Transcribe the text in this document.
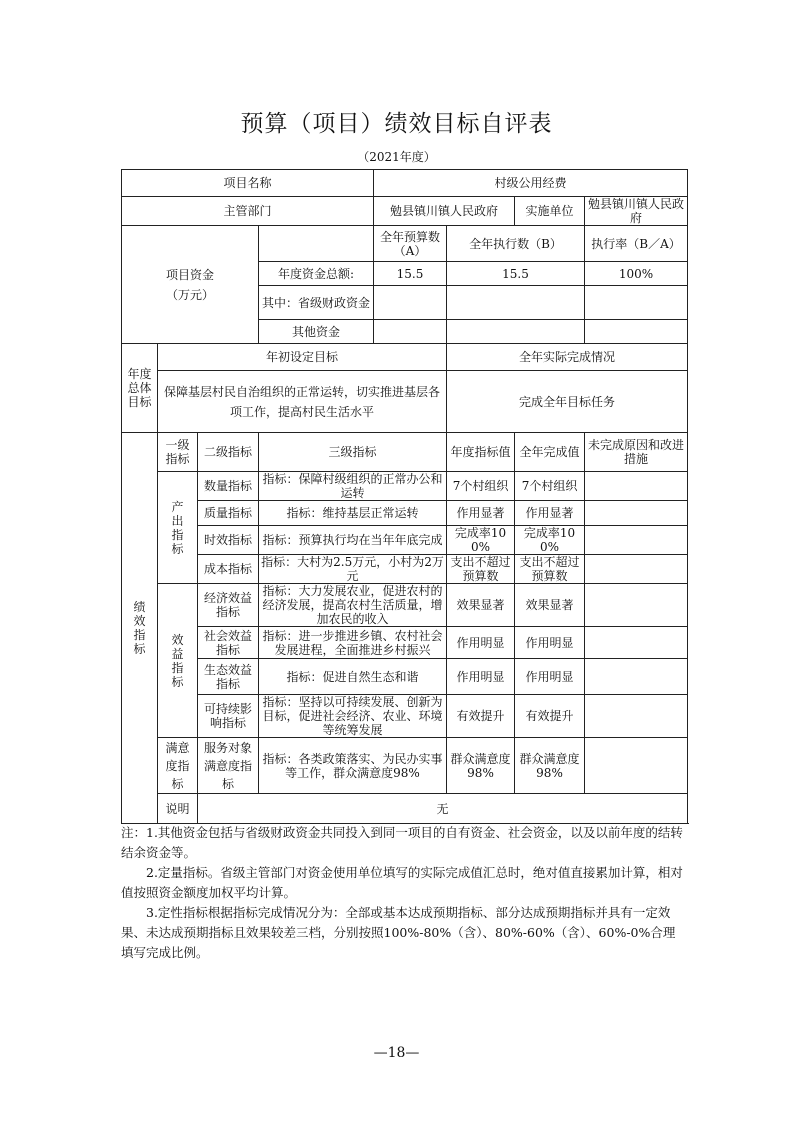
预算（项目）绩效目标自评表
（2021年度）
项目名称				村级公用经费			
主管部门				勉县镇川镇人民政府		实施单位	勉县镇川镇人民政府
项目资金
（万元）				全年预算数（A）	全年执行数（B）		执行率（B／A）
			年度资金总额:	15.5	15.5		100%
			其中：省级财政资金				
			其他资金				
年度总体目标	年初设定目标				全年实际完成情况		
	保障基层村民自治组织的正常运转，切实推进基层各项工作，提高村民生活水平				完成全年目标任务		
绩效指标	一级指标	二级指标	三级指标		年度指标值	全年完成值	未完成原因和改进措施
	产出指标	数量指标	指标：保障村级组织的正常办公和运转		7个村组织	7个村组织	
		质量指标	指标：维持基层正常运转		作用显著	作用显著	
		时效指标	指标：预算执行均在当年年底完成		完成率100%	完成率100%	
		成本指标	指标：大村为2.5万元，小村为2万元		支出不超过预算数	支出不超过预算数	
	效益指标	经济效益指标	指标：大力发展农业，促进农村的经济发展，提高农村生活质量，增加农民的收入		效果显著	效果显著	
		社会效益指标	指标：进一步推进乡镇、农村社会发展进程，全面推进乡村振兴		作用明显	作用明显	
		生态效益指标	指标：促进自然生态和谐		作用明显	作用明显	
		可持续影响指标	指标：坚持以可持续发展、创新为目标，促进社会经济、农业、环境等统筹发展		有效提升	有效提升	
	满意度指标	服务对象满意度指标	指标：各类政策落实、为民办实事等工作，群众满意度98%		群众满意度98%	群众满意度98%	
	说明	无					

注：1.其他资金包括与省级财政资金共同投入到同一项目的自有资金、社会资金，以及以前年度的结转结余资金等。

2.定量指标。省级主管部门对资金使用单位填写的实际完成值汇总时，绝对值直接累加计算，相对值按照资金额度加权平均计算。

3.定性指标根据指标完成情况分为：全部或基本达成预期指标、部分达成预期指标并具有一定效果、未达成预期指标且效果较差三档，分别按照100%-80%（含）、80%-60%（含）、60%-0%合理填写完成比例。

—18—
